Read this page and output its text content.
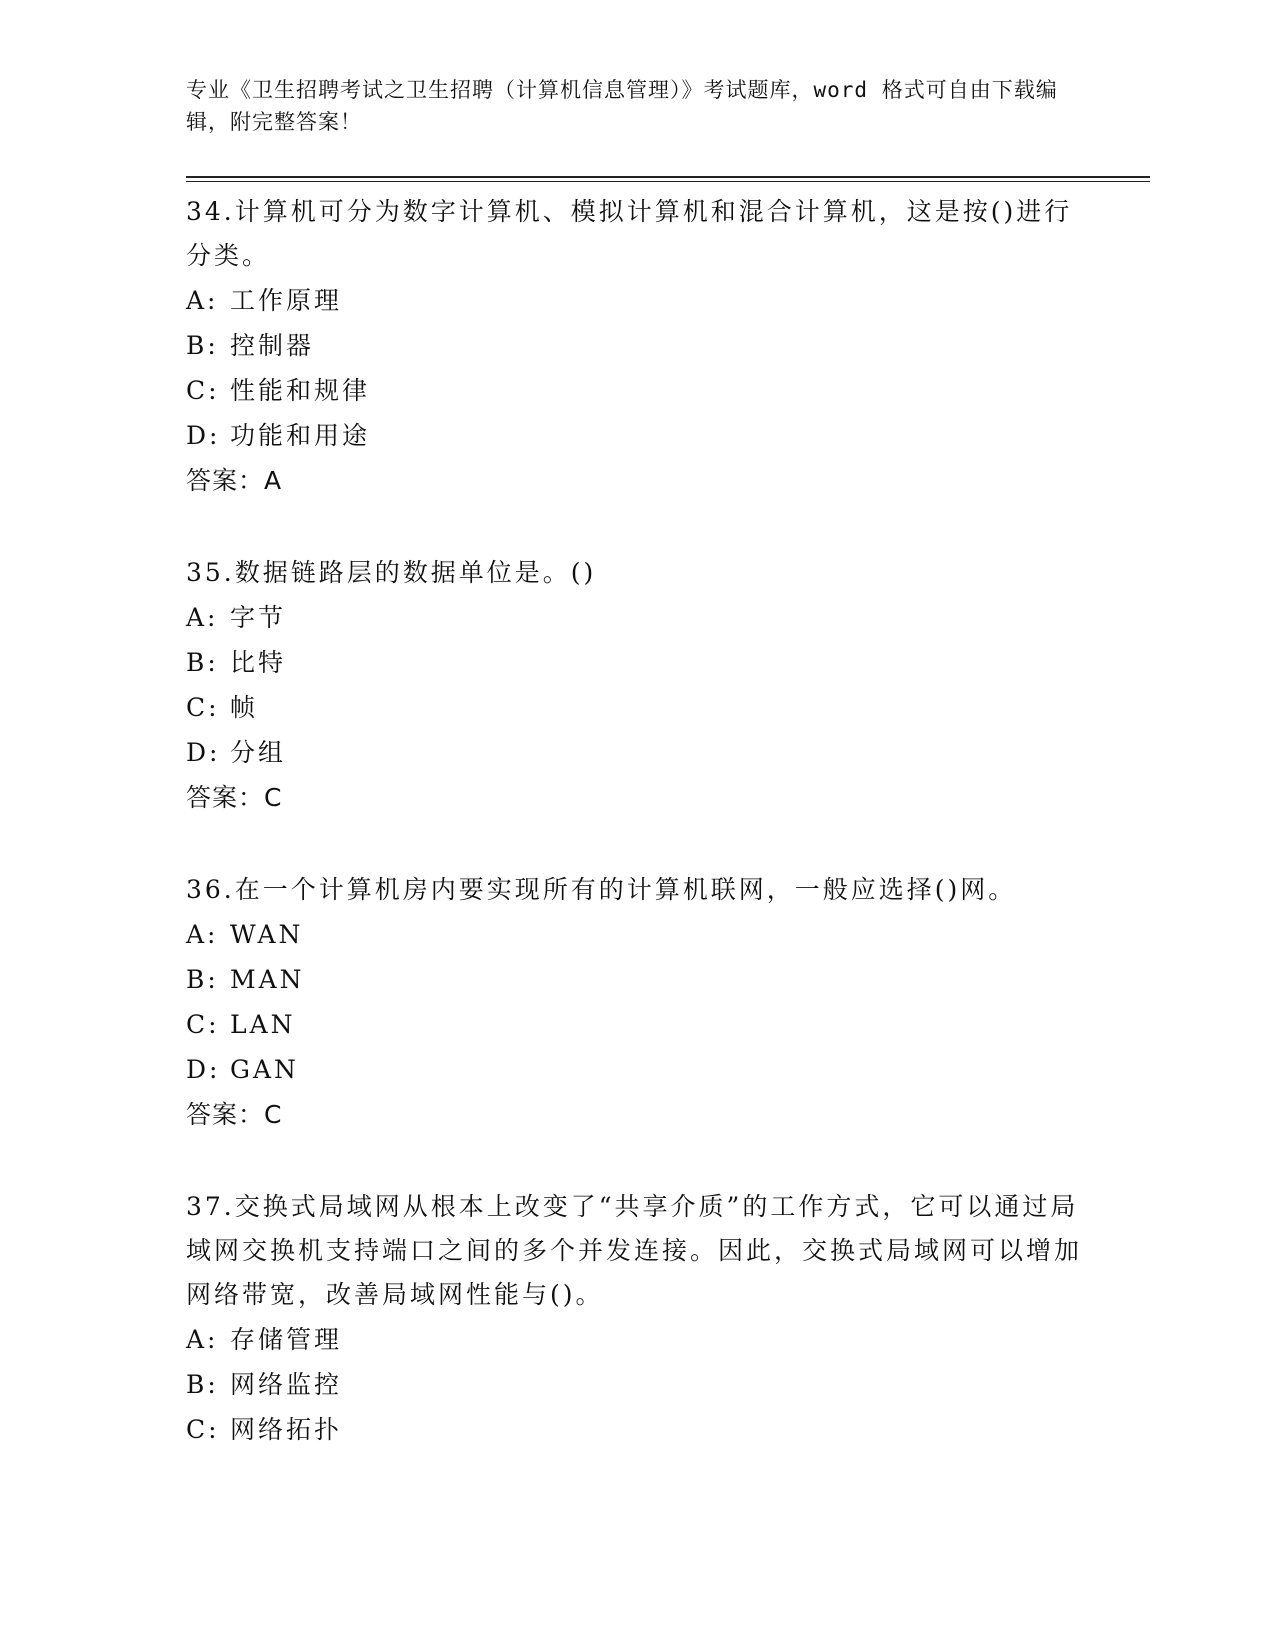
专业《卫生招聘考试之卫生招聘（计算机信息管理）》考试题库，word 格式可自由下载编辑，附完整答案！

34.计算机可分为数字计算机、模拟计算机和混合计算机，这是按()进行分类。

A: 工作原理

B: 控制器

C: 性能和规律

D: 功能和用途

答案：A

35.数据链路层的数据单位是。()

A: 字节

B: 比特

C: 帧

D: 分组

答案：C

36.在一个计算机房内要实现所有的计算机联网，一般应选择()网。

A: WAN

B: MAN

C: LAN

D: GAN

答案：C

37.交换式局域网从根本上改变了“共享介质”的工作方式，它可以通过局域网交换机支持端口之间的多个并发连接。因此，交换式局域网可以增加网络带宽，改善局域网性能与()。

A: 存储管理

B: 网络监控

C: 网络拓扑
